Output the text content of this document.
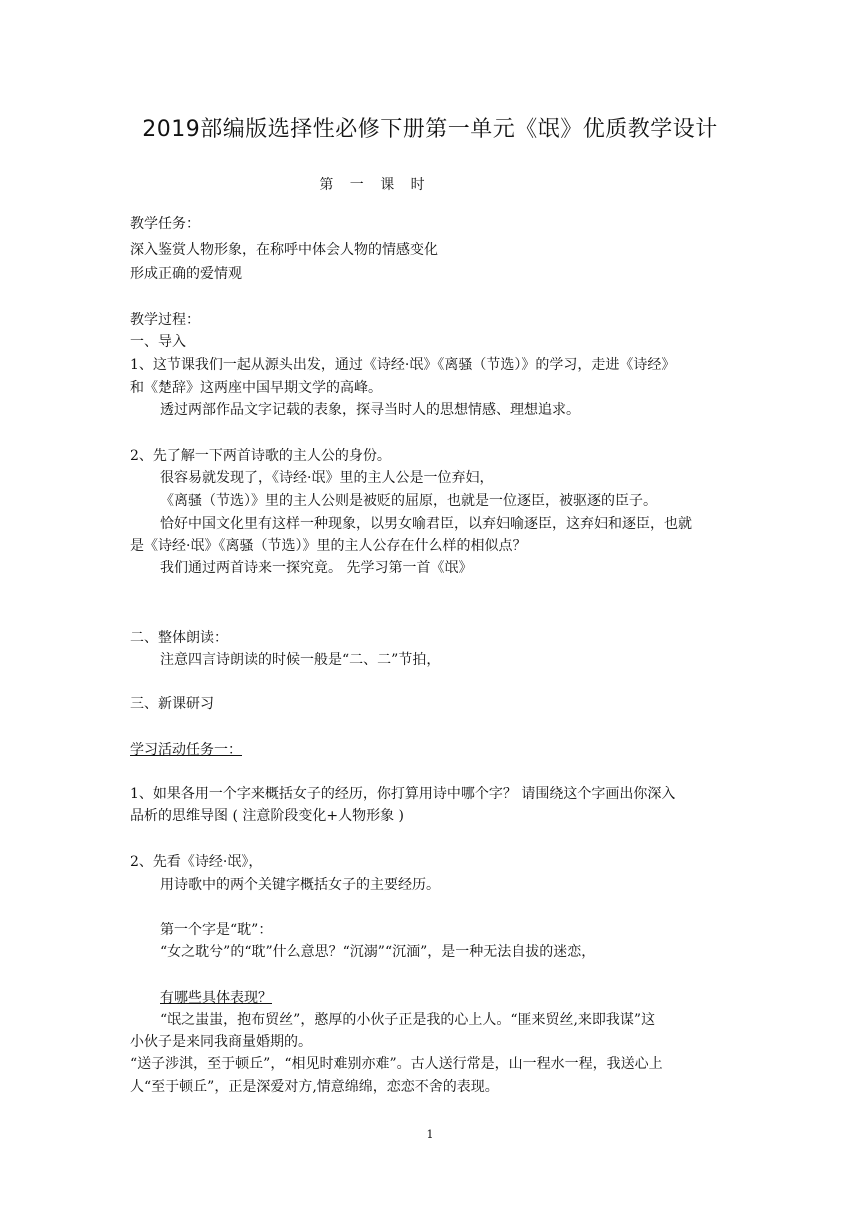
2019部编版选择性必修下册第一单元《氓》优质教学设计
第 一 课 时
教学任务：
深入鉴赏人物形象，在称呼中体会人物的情感变化
形成正确的爱情观
教学过程：
一、导入
1、这节课我们一起从源头出发，通过《诗经·氓》《离骚（节选）》的学习，走进《诗经》
和《楚辞》这两座中国早期文学的高峰。
透过两部作品文字记载的表象，探寻当时人的思想情感、理想追求。
2、先了解一下两首诗歌的主人公的身份。
很容易就发现了，《诗经·氓》里的主人公是一位弃妇，
《离骚（节选）》里的主人公则是被贬的屈原，也就是一位逐臣，被驱逐的臣子。
恰好中国文化里有这样一种现象，以男女喻君臣，以弃妇喻逐臣，这弃妇和逐臣，也就
是《诗经·氓》《离骚（节选）》里的主人公存在什么样的相似点？
我们通过两首诗来一探究竟。 先学习第一首《氓》
二、整体朗读：
注意四言诗朗读的时候一般是“二、二”节拍，
三、新课研习
学习活动任务一：
1、如果各用一个字来概括女子的经历，你打算用诗中哪个字？ 请围绕这个字画出你深入
品析的思维导图 ( 注意阶段变化+人物形象 )
2、先看《诗经·氓》，
用诗歌中的两个关键字概括女子的主要经历。
第一个字是“耽”：
“女之耽兮”的“耽”什么意思？“沉溺”“沉湎”，是一种无法自拔的迷恋，
有哪些具体表现？
“氓之蚩蚩，抱布贸丝”，憨厚的小伙子正是我的心上人。“匪来贸丝,来即我谋”这
小伙子是来同我商量婚期的。
“送子涉淇，至于顿丘”，“相见时难别亦难”。古人送行常是，山一程水一程，我送心上
人“至于顿丘”，正是深爱对方,情意绵绵，恋恋不舍的表现。
1
